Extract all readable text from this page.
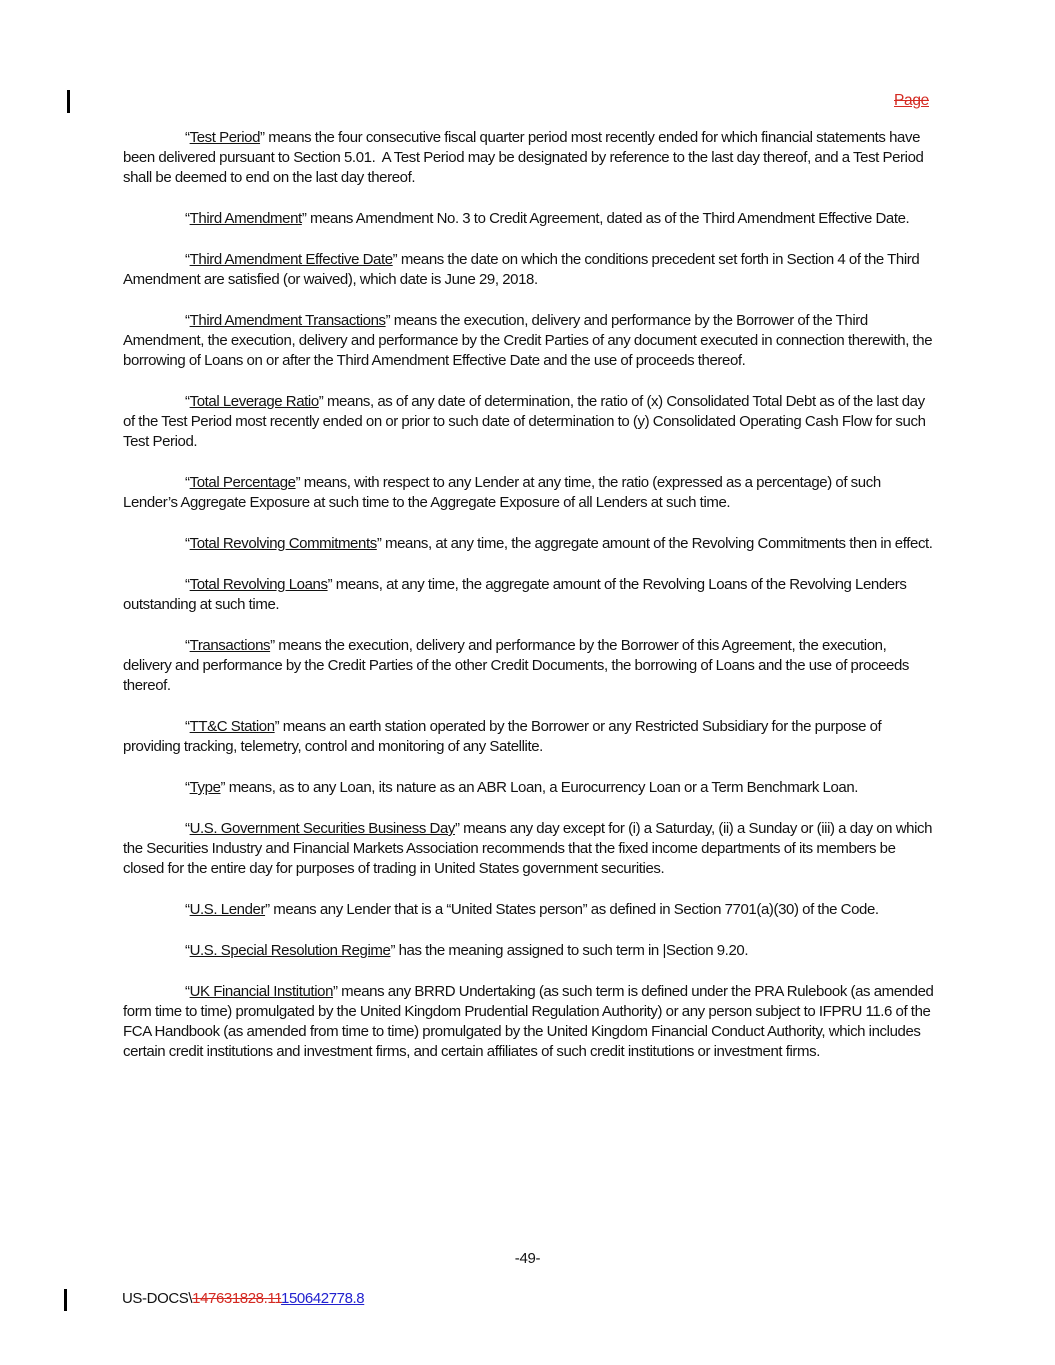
Page

“Test Period” means the four consecutive fiscal quarter period most recently ended for which financial statements have been delivered pursuant to Section 5.01.  A Test Period may be designated by reference to the last day thereof, and a Test Period shall be deemed to end on the last day thereof.

“Third Amendment” means Amendment No. 3 to Credit Agreement, dated as of the Third Amendment Effective Date.

“Third Amendment Effective Date” means the date on which the conditions precedent set forth in Section 4 of the Third Amendment are satisfied (or waived), which date is June 29, 2018.

“Third Amendment Transactions” means the execution, delivery and performance by the Borrower of the Third Amendment, the execution, delivery and performance by the Credit Parties of any document executed in connection therewith, the borrowing of Loans on or after the Third Amendment Effective Date and the use of proceeds thereof.

“Total Leverage Ratio” means, as of any date of determination, the ratio of (x) Consolidated Total Debt as of the last day of the Test Period most recently ended on or prior to such date of determination to (y) Consolidated Operating Cash Flow for such Test Period.

“Total Percentage” means, with respect to any Lender at any time, the ratio (expressed as a percentage) of such Lender’s Aggregate Exposure at such time to the Aggregate Exposure of all Lenders at such time.

“Total Revolving Commitments” means, at any time, the aggregate amount of the Revolving Commitments then in effect.

“Total Revolving Loans” means, at any time, the aggregate amount of the Revolving Loans of the Revolving Lenders outstanding at such time.

“Transactions” means the execution, delivery and performance by the Borrower of this Agreement, the execution, delivery and performance by the Credit Parties of the other Credit Documents, the borrowing of Loans and the use of proceeds thereof.

“TT&C Station” means an earth station operated by the Borrower or any Restricted Subsidiary for the purpose of providing tracking, telemetry, control and monitoring of any Satellite.

“Type” means, as to any Loan, its nature as an ABR Loan, a Eurocurrency Loan or a Term Benchmark Loan.

“U.S. Government Securities Business Day” means any day except for (i) a Saturday, (ii) a Sunday or (iii) a day on which the Securities Industry and Financial Markets Association recommends that the fixed income departments of its members be closed for the entire day for purposes of trading in United States government securities.

“U.S. Lender” means any Lender that is a “United States person” as defined in Section 7701(a)(30) of the Code.

“U.S. Special Resolution Regime” has the meaning assigned to such term in |Section 9.20.

“UK Financial Institution” means any BRRD Undertaking (as such term is defined under the PRA Rulebook (as amended form time to time) promulgated by the United Kingdom Prudential Regulation Authority) or any person subject to IFPRU 11.6 of the FCA Handbook (as amended from time to time) promulgated by the United Kingdom Financial Conduct Authority, which includes certain credit institutions and investment firms, and certain affiliates of such credit institutions or investment firms.

-49-
US-DOCS\147631828.11150642778.8
